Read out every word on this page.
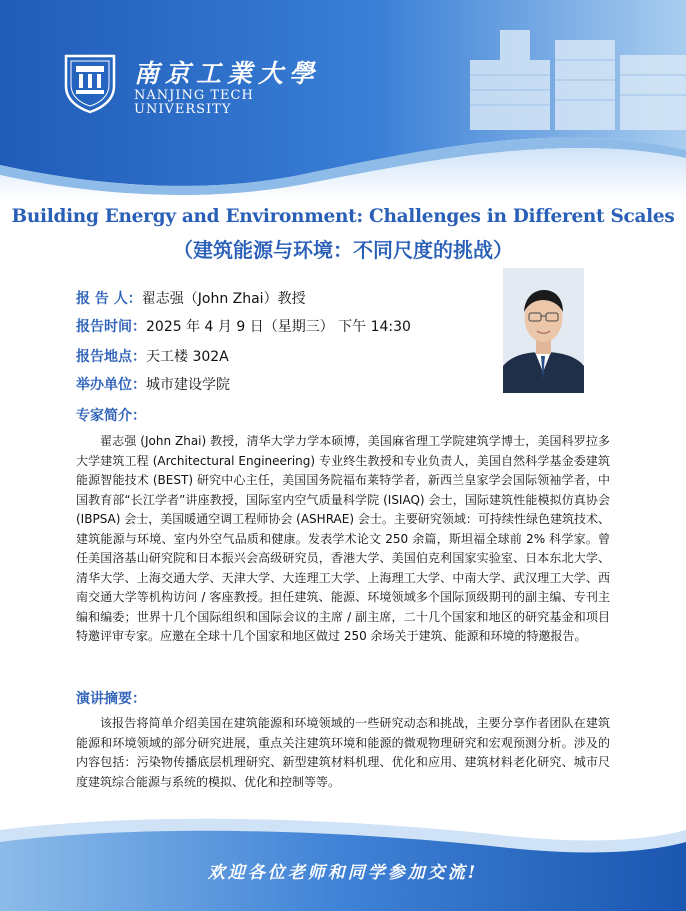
南京工業大學
NANJING TECH
UNIVERSITY
Building Energy and Environment: Challenges in Different Scales
（建筑能源与环境：不同尺度的挑战）
报 告 人：翟志强（John Zhai）教授
报告时间：2025 年 4 月 9 日（星期三） 下午 14:30
报告地点：天工楼 302A
举办单位：城市建设学院
专家简介：

翟志强 (John Zhai) 教授，清华大学力学本硕博，美国麻省理工学院建筑学博士，美国科罗拉多大学建筑工程 (Architectural Engineering) 专业终生教授和专业负责人，美国自然科学基金委建筑能源智能技术 (BEST) 研究中心主任，美国国务院福布莱特学者，新西兰皇家学会国际领袖学者，中国教育部“长江学者”讲座教授，国际室内空气质量科学院 (ISIAQ) 会士，国际建筑性能模拟仿真协会 (IBPSA) 会士，美国暖通空调工程师协会 (ASHRAE) 会士。主要研究领域：可持续性绿色建筑技术、建筑能源与环境、室内外空气品质和健康。发表学术论文 250 余篇，斯坦福全球前 2% 科学家。曾任美国洛基山研究院和日本振兴会高级研究员，香港大学、美国伯克利国家实验室、日本东北大学、清华大学、上海交通大学、天津大学、大连理工大学、上海理工大学、中南大学、武汉理工大学、西南交通大学等机构访问 / 客座教授。担任建筑、能源、环境领域多个国际顶级期刊的副主编、专刊主编和编委；世界十几个国际组织和国际会议的主席 / 副主席，二十几个国家和地区的研究基金和项目特邀评审专家。应邀在全球十几个国家和地区做过 250 余场关于建筑、能源和环境的特邀报告。

演讲摘要：

该报告将简单介绍美国在建筑能源和环境领域的一些研究动态和挑战，主要分享作者团队在建筑能源和环境领域的部分研究进展，重点关注建筑环境和能源的微观物理研究和宏观预测分析。涉及的内容包括：污染物传播底层机理研究、新型建筑材料机理、优化和应用、建筑材料老化研究、城市尺度建筑综合能源与系统的模拟、优化和控制等等。

欢迎各位老师和同学参加交流!
